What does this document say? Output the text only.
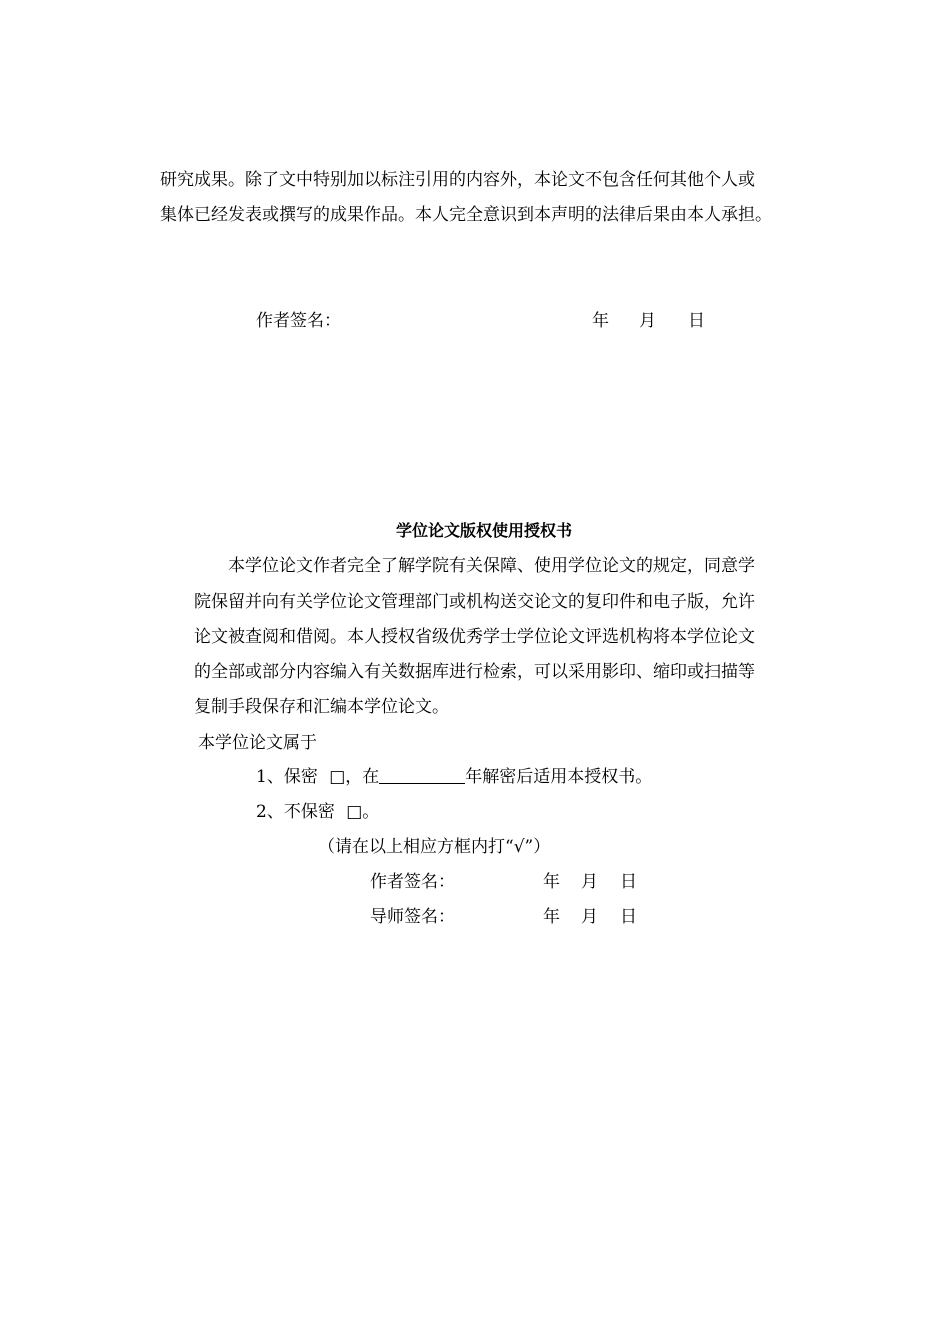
研究成果。除了文中特别加以标注引用的内容外，本论文不包含任何其他个人或
集体已经发表或撰写的成果作品。本人完全意识到本声明的法律后果由本人承担。
作者签名：	年 月 日
学位论文版权使用授权书
本学位论文作者完全了解学院有关保障、使用学位论文的规定，同意学
院保留并向有关学位论文管理部门或机构送交论文的复印件和电子版，允许
论文被查阅和借阅。本人授权省级优秀学士学位论文评选机构将本学位论文
的全部或部分内容编入有关数据库进行检索，可以采用影印、缩印或扫描等
复制手段保存和汇编本学位论文。
本学位论文属于
1、保密 □，在	年解密后适用本授权书。
2、不保密 □。
（请在以上相应方框内打“√”）
作者签名：	年 月 日
导师签名：	年 月 日
